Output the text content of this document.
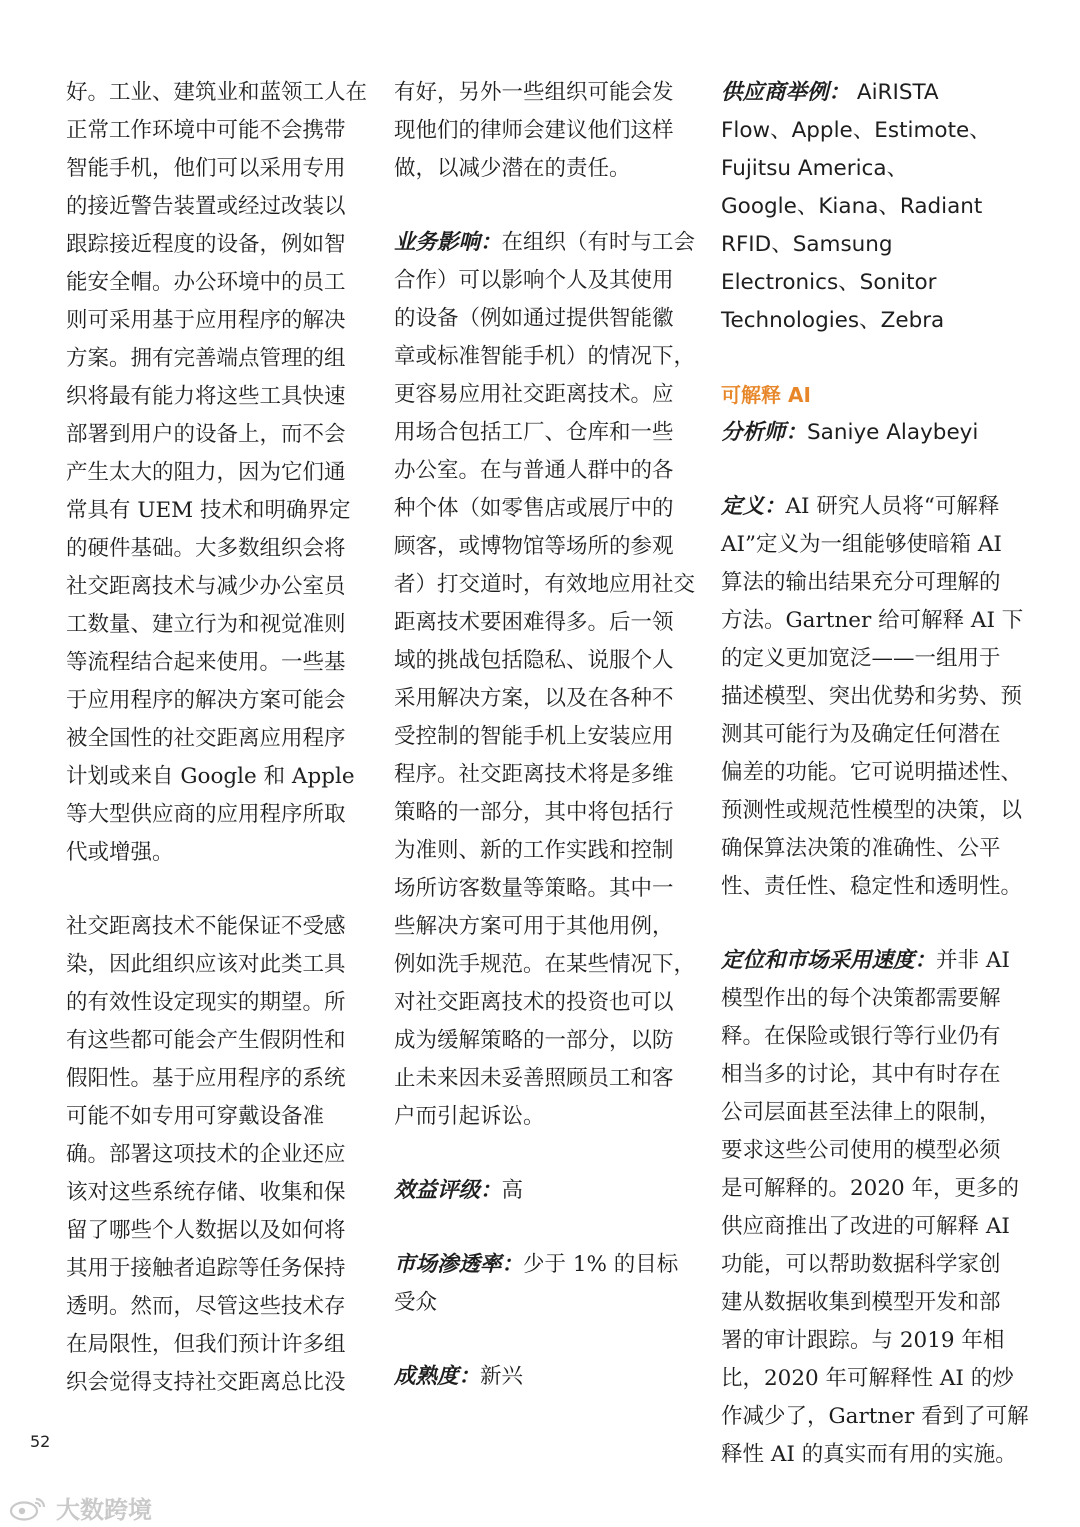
好。工业、建筑业和蓝领工人在
正常工作环境中可能不会携带
智能手机，他们可以采用专用
的接近警告装置或经过改装以
跟踪接近程度的设备，例如智
能安全帽。办公环境中的员工
则可采用基于应用程序的解决
方案。拥有完善端点管理的组
织将最有能力将这些工具快速
部署到用户的设备上，而不会
产生太大的阻力，因为它们通
常具有 UEM 技术和明确界定
的硬件基础。大多数组织会将
社交距离技术与减少办公室员
工数量、建立行为和视觉准则
等流程结合起来使用。一些基
于应用程序的解决方案可能会
被全国性的社交距离应用程序
计划或来自 Google 和 Apple
等大型供应商的应用程序所取
代或增强。
社交距离技术不能保证不受感
染，因此组织应该对此类工具
的有效性设定现实的期望。所
有这些都可能会产生假阴性和
假阳性。基于应用程序的系统
可能不如专用可穿戴设备准
确。部署这项技术的企业还应
该对这些系统存储、收集和保
留了哪些个人数据以及如何将
其用于接触者追踪等任务保持
透明。然而，尽管这些技术存
在局限性，但我们预计许多组
织会觉得支持社交距离总比没
有好，另外一些组织可能会发
现他们的律师会建议他们这样
做，以减少潜在的责任。
业务影响：在组织（有时与工会
合作）可以影响个人及其使用
的设备（例如通过提供智能徽
章或标准智能手机）的情况下，
更容易应用社交距离技术。应
用场合包括工厂、仓库和一些
办公室。在与普通人群中的各
种个体（如零售店或展厅中的
顾客，或博物馆等场所的参观
者）打交道时，有效地应用社交
距离技术要困难得多。后一领
域的挑战包括隐私、说服个人
采用解决方案，以及在各种不
受控制的智能手机上安装应用
程序。社交距离技术将是多维
策略的一部分，其中将包括行
为准则、新的工作实践和控制
场所访客数量等策略。其中一
些解决方案可用于其他用例，
例如洗手规范。在某些情况下，
对社交距离技术的投资也可以
成为缓解策略的一部分，以防
止未来因未妥善照顾员工和客
户而引起诉讼。
效益评级：高
市场渗透率：少于 1% 的目标
受众
成熟度：新兴
供应商举例： AiRISTA
Flow、Apple、Estimote、
Fujitsu America、
Google、Kiana、Radiant
RFID、Samsung
Electronics、Sonitor
Technologies、Zebra
可解释 AI
分析师：Saniye Alaybeyi
定义：AI 研究人员将“可解释
AI”定义为一组能够使暗箱 AI
算法的输出结果充分可理解的
方法。Gartner 给可解释 AI 下
的定义更加宽泛——一组用于
描述模型、突出优势和劣势、预
测其可能行为及确定任何潜在
偏差的功能。它可说明描述性、
预测性或规范性模型的决策，以
确保算法决策的准确性、公平
性、责任性、稳定性和透明性。
定位和市场采用速度：并非 AI
模型作出的每个决策都需要解
释。在保险或银行等行业仍有
相当多的讨论，其中有时存在
公司层面甚至法律上的限制，
要求这些公司使用的模型必须
是可解释的。2020 年，更多的
供应商推出了改进的可解释 AI
功能，可以帮助数据科学家创
建从数据收集到模型开发和部
署的审计跟踪。与 2019 年相
比，2020 年可解释性 AI 的炒
作减少了，Gartner 看到了可解
释性 AI 的真实而有用的实施。
52
大数跨境
